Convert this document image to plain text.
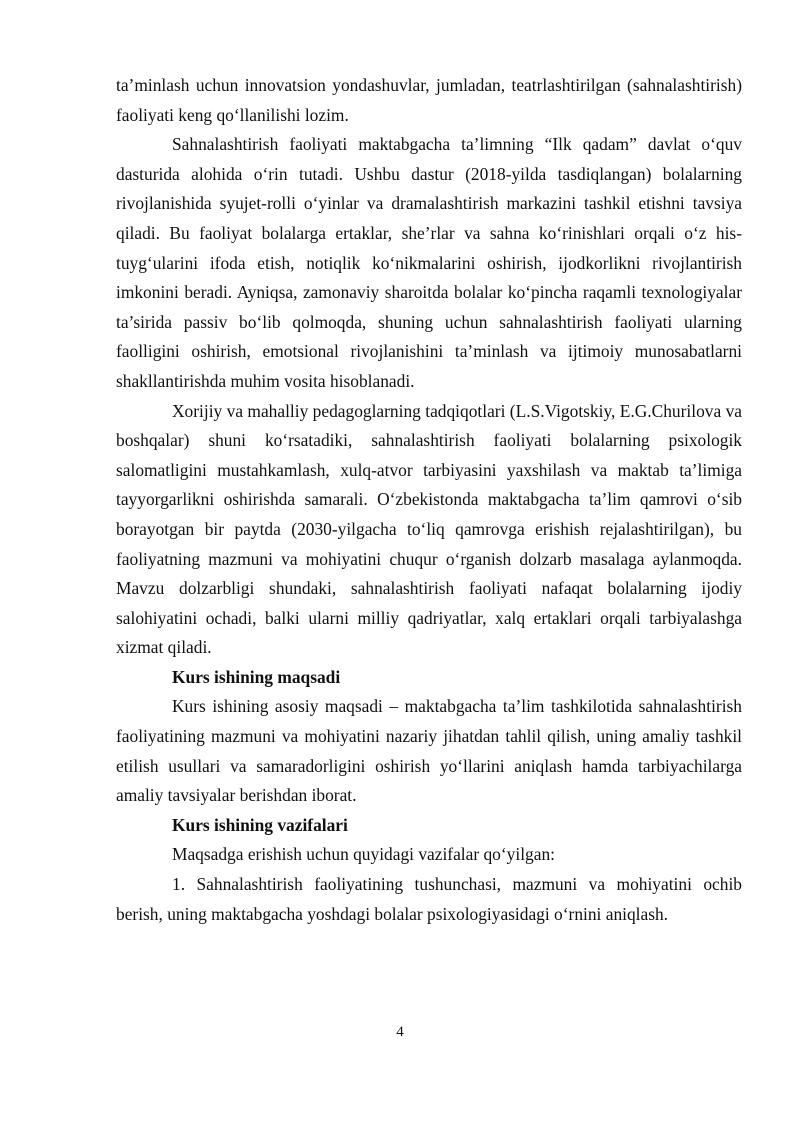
ta’minlash uchun innovatsion yondashuvlar, jumladan, teatrlashtirilgan (sahnalashtirish) faoliyati keng qo‘llanilishi lozim.

Sahnalashtirish faoliyati maktabgacha ta’limning “Ilk qadam” davlat o‘quv dasturida alohida o‘rin tutadi. Ushbu dastur (2018-yilda tasdiqlangan) bolalarning rivojlanishida syujet-rolli o‘yinlar va dramalashtirish markazini tashkil etishni tavsiya qiladi. Bu faoliyat bolalarga ertaklar, she’rlar va sahna ko‘rinishlari orqali o‘z his-tuyg‘ularini ifoda etish, notiqlik ko‘nikmalarini oshirish, ijodkorlikni rivojlantirish imkonini beradi. Ayniqsa, zamonaviy sharoitda bolalar ko‘pincha raqamli texnologiyalar ta’sirida passiv bo‘lib qolmoqda, shuning uchun sahnalashtirish faoliyati ularning faolligini oshirish, emotsional rivojlanishini ta’minlash va ijtimoiy munosabatlarni shakllantirishda muhim vosita hisoblanadi.

Xorijiy va mahalliy pedagoglarning tadqiqotlari (L.S.Vigotskiy, E.G.Churilova va boshqalar) shuni ko‘rsatadiki, sahnalashtirish faoliyati bolalarning psixologik salomatligini mustahkamlash, xulq-atvor tarbiyasini yaxshilash va maktab ta’limiga tayyorgarlikni oshirishda samarali. O‘zbekistonda maktabgacha ta’lim qamrovi o‘sib borayotgan bir paytda (2030-yilgacha to‘liq qamrovga erishish rejalashtirilgan), bu faoliyatning mazmuni va mohiyatini chuqur o‘rganish dolzarb masalaga aylanmoqda. Mavzu dolzarbligi shundaki, sahnalashtirish faoliyati nafaqat bolalarning ijodiy salohiyatini ochadi, balki ularni milliy qadriyatlar, xalq ertaklari orqali tarbiyalashga xizmat qiladi.

Kurs ishining maqsadi

Kurs ishining asosiy maqsadi – maktabgacha ta’lim tashkilotida sahnalashtirish faoliyatining mazmuni va mohiyatini nazariy jihatdan tahlil qilish, uning amaliy tashkil etilish usullari va samaradorligini oshirish yo‘llarini aniqlash hamda tarbiyachilarga amaliy tavsiyalar berishdan iborat.

Kurs ishining vazifalari

Maqsadga erishish uchun quyidagi vazifalar qo‘yilgan:

1. Sahnalashtirish faoliyatining tushunchasi, mazmuni va mohiyatini ochib berish, uning maktabgacha yoshdagi bolalar psixologiyasidagi o‘rnini aniqlash.

4
